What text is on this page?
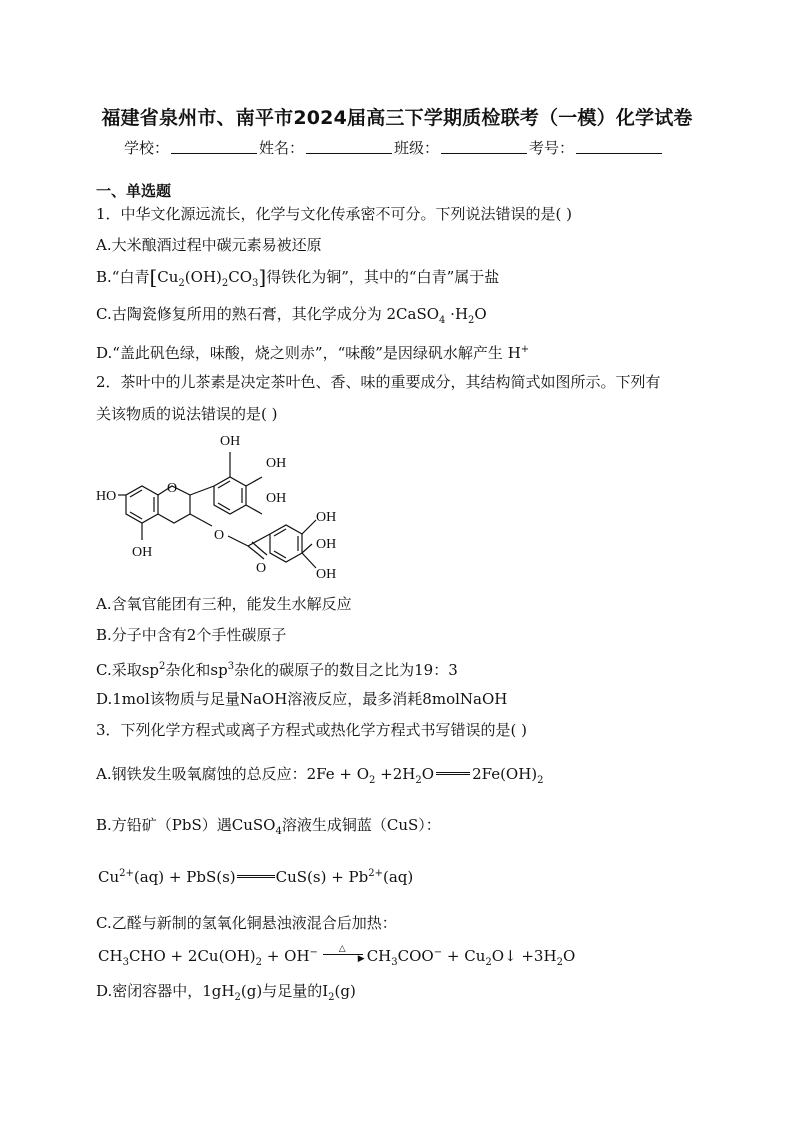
福建省泉州市、南平市2024届高三下学期质检联考（一模）化学试卷
学校：	姓名：	班级：	考号：
一、单选题
1．中华文化源远流长，化学与文化传承密不可分。下列说法错误的是( )
A.大米酿酒过程中碳元素易被还原
B.“白青$[Cu_2(OH)_2CO_3]$得铁化为铜”，其中的“白青”属于盐
C.古陶瓷修复所用的熟石膏，其化学成分为 2CaSO$_4$ $\cdot H_2O$
D.“盖此矾色绿，味酸，烧之则赤”，“味酸”是因绿矾水解产生 H+
2．茶叶中的儿茶素是决定茶叶色、香、味的重要成分，其结构简式如图所示。下列有
关该物质的说法错误的是( )
OH
OH
OH
HO
O
OH
O
O
OH
OH
OH
A.含氧官能团有三种，能发生水解反应
B.分子中含有2个手性碳原子
C.采取$sp^2$杂化和$sp^3$杂化的碳原子的数目之比为19：3
D.1mol该物质与足量NaOH溶液反应，最多消耗8molNaOH
3．下列化学方程式或离子方程式或热化学方程式书写错误的是( )
A.钢铁发生吸氧腐蚀的总反应：$2Fe + O_2 +2H_2O$	$2Fe(OH)_2$
B.方铅矿（PbS）遇CuSO$_4$溶液生成铜蓝（CuS）：
$Cu^{2+}(aq) + PbS(s)$	$CuS(s) + Pb^{2+}(aq)$
C.乙醛与新制的氢氧化铜悬浊液混合后加热：
$CH_3CHO + 2Cu(OH)_2 + OH^-$ △
▶ $CH_3COO^-$ + $Cu_2O↓ +3H_2O$
D.密闭容器中，$1gH_2(g)$与足量的$I_2(g)$
